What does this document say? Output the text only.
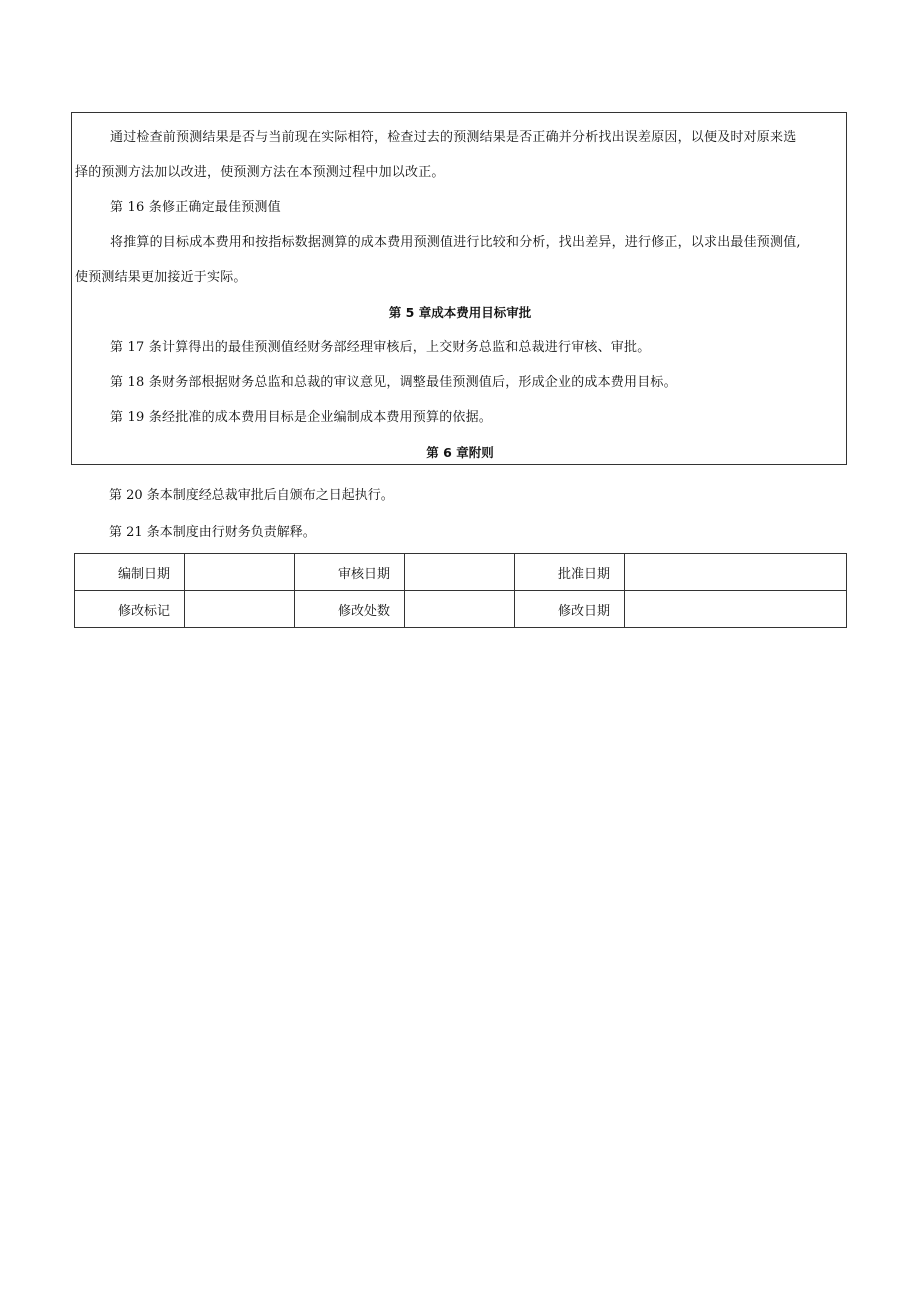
通过检查前预测结果是否与当前现在实际相符，检查过去的预测结果是否正确并分析找出误差原因，以便及时对原来选
择的预测方法加以改进，使预测方法在本预测过程中加以改正。
第 16 条修正确定最佳预测值
将推算的目标成本费用和按指标数据测算的成本费用预测值进行比较和分析，找出差异，进行修正，以求出最佳预测值,
使预测结果更加接近于实际。
第 5 章成本费用目标审批
第 17 条计算得出的最佳预测值经财务部经理审核后，上交财务总监和总裁进行审核、审批。
第 18 条财务部根据财务总监和总裁的审议意见，调整最佳预测值后，形成企业的成本费用目标。
第 19 条经批准的成本费用目标是企业编制成本费用预算的依据。
第 6 章附则
第 20 条本制度经总裁审批后自颁布之日起执行。
第 21 条本制度由行财务负责解释。
编制日期		审核日期		批准日期	
修改标记		修改处数		修改日期	
